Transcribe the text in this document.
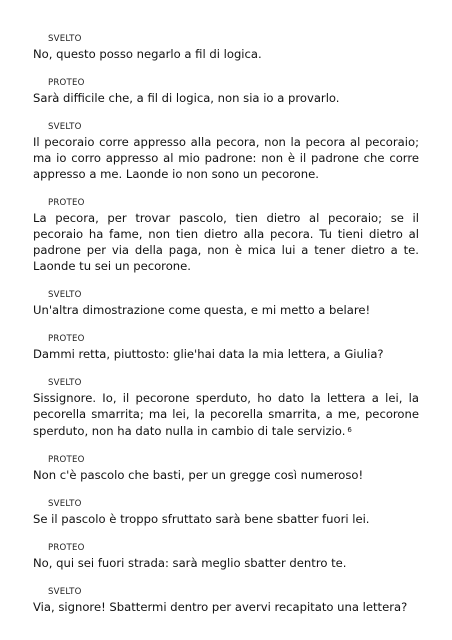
SVELTO
No, questo posso negarlo a fil di logica.
PROTEO
Sarà difficile che, a fil di logica, non sia io a provarlo.
SVELTO
Il pecoraio corre appresso alla pecora, non la pecora al pecoraio; ma io corro appresso al mio padrone: non è il padrone che corre appresso a me. Laonde io non sono un pecorone.
PROTEO
La pecora, per trovar pascolo, tien dietro al pecoraio; se il pecoraio ha fame, non tien dietro alla pecora. Tu tieni dietro al padrone per via della paga, non è mica lui a tener dietro a te. Laonde tu sei un pecorone.
SVELTO
Un'altra dimostrazione come questa, e mi metto a belare!
PROTEO
Dammi retta, piuttosto: glie'hai data la mia lettera, a Giulia?
SVELTO
Sissignore. Io, il pecorone sperduto, ho dato la lettera a lei, la pecorella smarrita; ma lei, la pecorella smarrita, a me, pecorone sperduto, non ha dato nulla in cambio di tale servizio. $^6$
PROTEO
Non c'è pascolo che basti, per un gregge così numeroso!
SVELTO
Se il pascolo è troppo sfruttato sarà bene sbatter fuori lei.
PROTEO
No, qui sei fuori strada: sarà meglio sbatter dentro te.
SVELTO
Via, signore! Sbattermi dentro per avervi recapitato una lettera?
